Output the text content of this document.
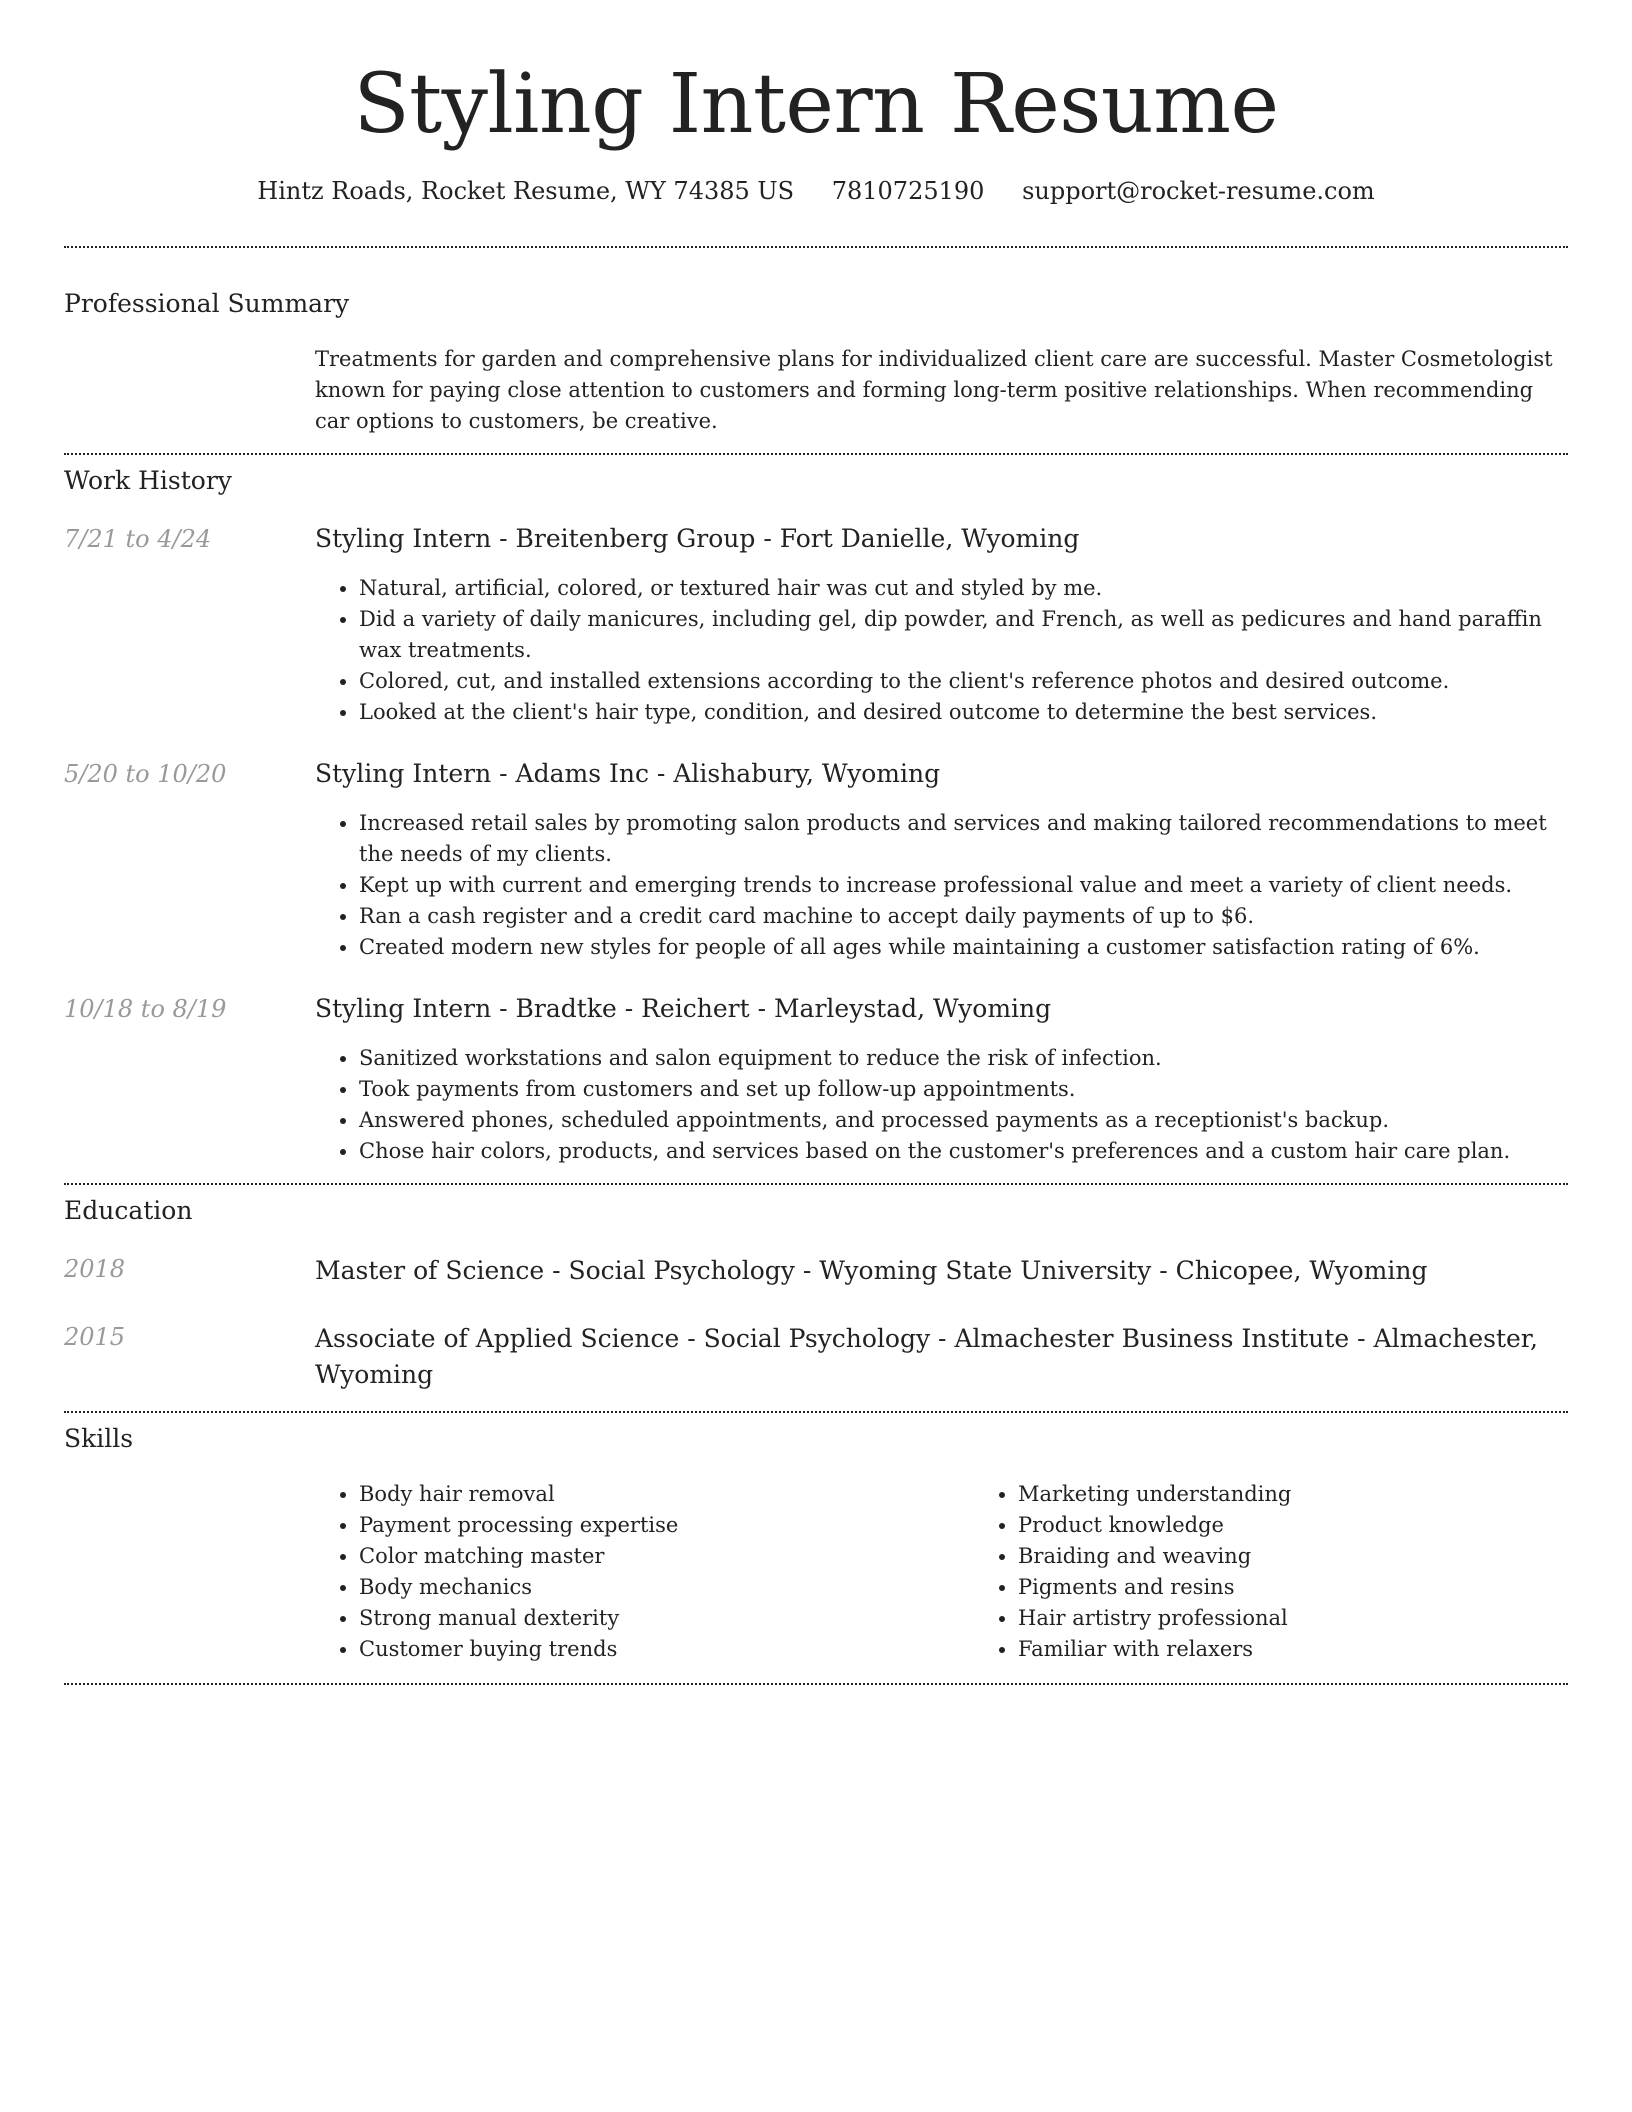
Styling Intern Resume
Hintz Roads, Rocket Resume, WY 74385 US 7810725190 support@rocket-resume.com
Professional Summary
Treatments for garden and comprehensive plans for individualized client care are successful. Master Cosmetologist known for paying close attention to customers and forming long-term positive relationships. When recommending car options to customers, be creative.
Work History
7/21 to 4/24	Styling Intern - Breitenberg Group - Fort Danielle, Wyoming
• Natural, artificial, colored, or textured hair was cut and styled by me.
• Did a variety of daily manicures, including gel, dip powder, and French, as well as pedicures and hand paraffin wax treatments.
• Colored, cut, and installed extensions according to the client's reference photos and desired outcome.
• Looked at the client's hair type, condition, and desired outcome to determine the best services.
5/20 to 10/20	Styling Intern - Adams Inc - Alishabury, Wyoming
• Increased retail sales by promoting salon products and services and making tailored recommendations to meet the needs of my clients.
• Kept up with current and emerging trends to increase professional value and meet a variety of client needs.
• Ran a cash register and a credit card machine to accept daily payments of up to $6.
• Created modern new styles for people of all ages while maintaining a customer satisfaction rating of 6%.
10/18 to 8/19	Styling Intern - Bradtke - Reichert - Marleystad, Wyoming
• Sanitized workstations and salon equipment to reduce the risk of infection.
• Took payments from customers and set up follow-up appointments.
• Answered phones, scheduled appointments, and processed payments as a receptionist's backup.
• Chose hair colors, products, and services based on the customer's preferences and a custom hair care plan.
Education
2018	Master of Science - Social Psychology - Wyoming State University - Chicopee, Wyoming
2015	Associate of Applied Science - Social Psychology - Almachester Business Institute - Almachester, Wyoming
Skills
• Body hair removal
• Payment processing expertise
• Color matching master
• Body mechanics
• Strong manual dexterity
• Customer buying trends
• Marketing understanding
• Product knowledge
• Braiding and weaving
• Pigments and resins
• Hair artistry professional
• Familiar with relaxers
